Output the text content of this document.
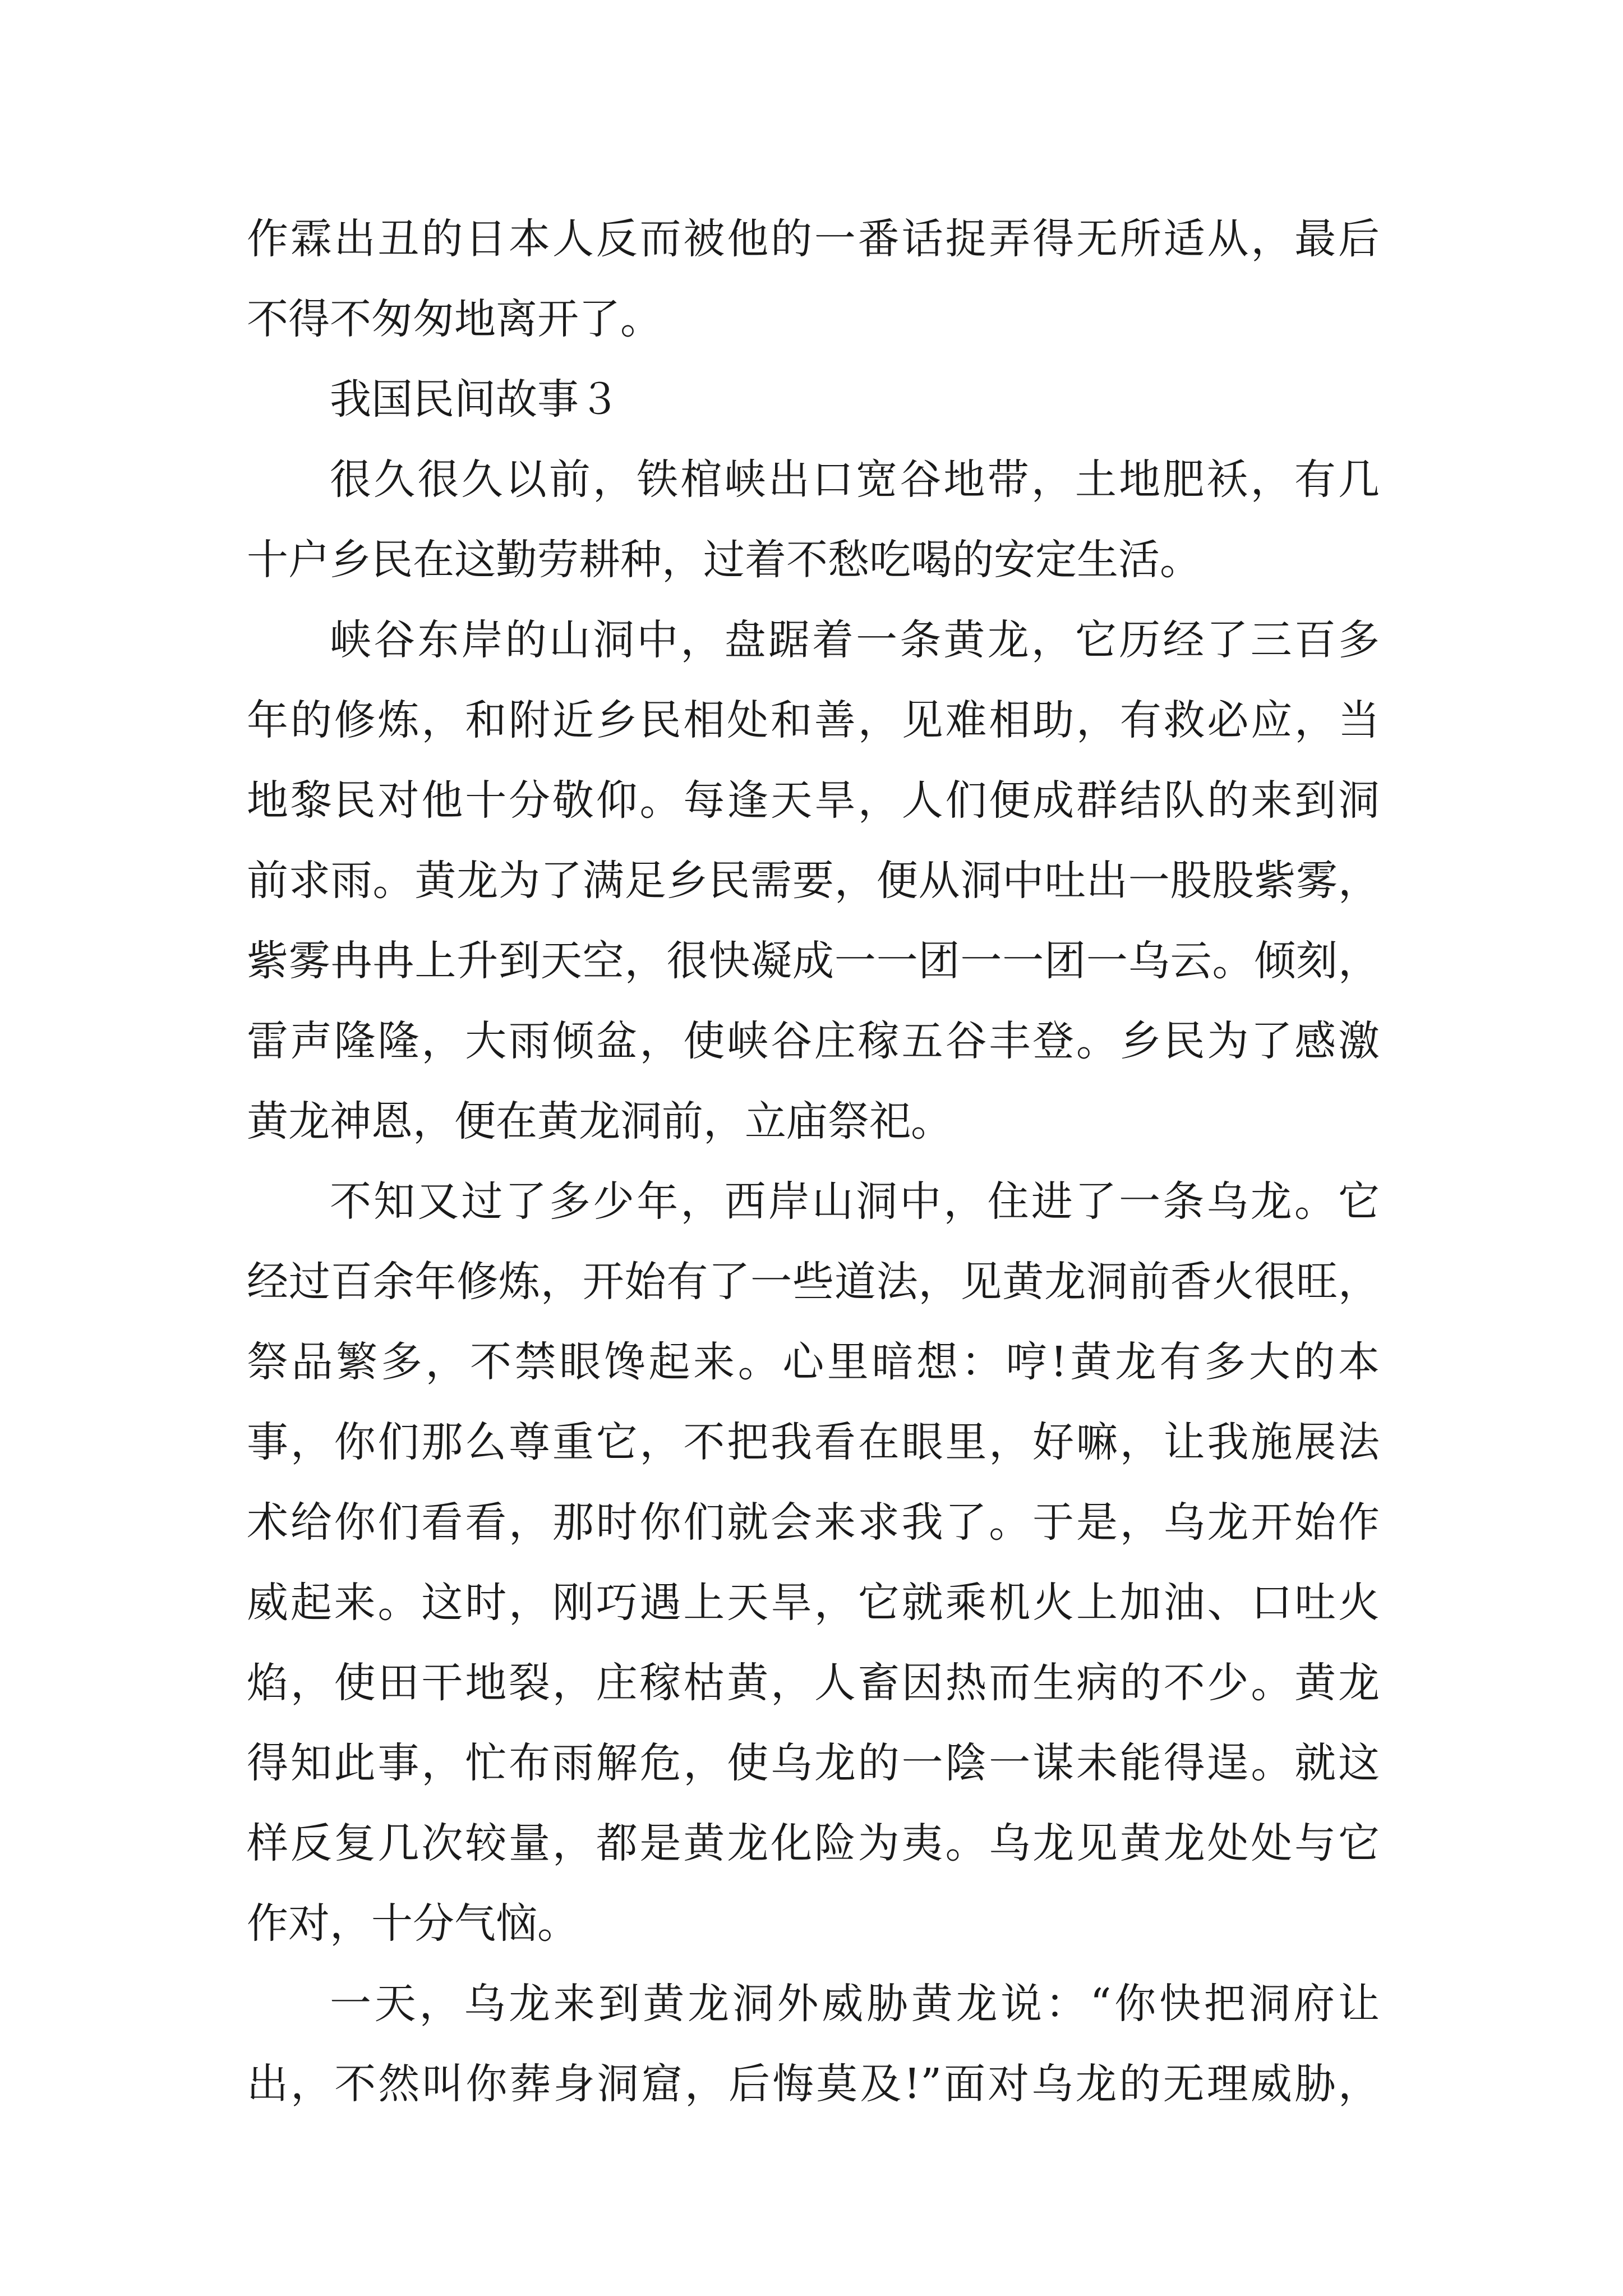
作霖出丑的日本人反而被他的一番话捉弄得无所适从，最后
不得不匆匆地离开了。
我国民间故事３
很久很久以前，铁棺峡出口宽谷地带，土地肥袄，有几
十户乡民在这勤劳耕种，过着不愁吃喝的安定生活。
峡谷东岸的山洞中，盘踞着一条黄龙，它历经了三百多
年的修炼，和附近乡民相处和善，见难相助，有救必应，当
地黎民对他十分敬仰。每逢天旱，人们便成群结队的来到洞
前求雨。黄龙为了满足乡民需要，便从洞中吐出一股股紫雾，
紫雾冉冉上升到天空，很快凝成一一团一一团一乌云。倾刻，
雷声隆隆，大雨倾盆，使峡谷庄稼五谷丰登。乡民为了感激
黄龙神恩，便在黄龙洞前，立庙祭祀。
不知又过了多少年，西岸山洞中，住进了一条乌龙。它
经过百余年修炼，开始有了一些道法，见黄龙洞前香火很旺，
祭品繁多，不禁眼馋起来。心里暗想：哼!黄龙有多大的本
事，你们那么尊重它，不把我看在眼里，好嘛，让我施展法
术给你们看看，那时你们就会来求我了。于是，乌龙开始作
威起来。这时，刚巧遇上天旱，它就乘机火上加油、口吐火
焰，使田干地裂，庄稼枯黄，人畜因热而生病的不少。黄龙
得知此事，忙布雨解危，使乌龙的一陰一谋未能得逞。就这
样反复几次较量，都是黄龙化险为夷。乌龙见黄龙处处与它
作对，十分气恼。
一天，乌龙来到黄龙洞外威胁黄龙说：“你快把洞府让
出，不然叫你葬身洞窟，后悔莫及!”面对乌龙的无理威胁，
